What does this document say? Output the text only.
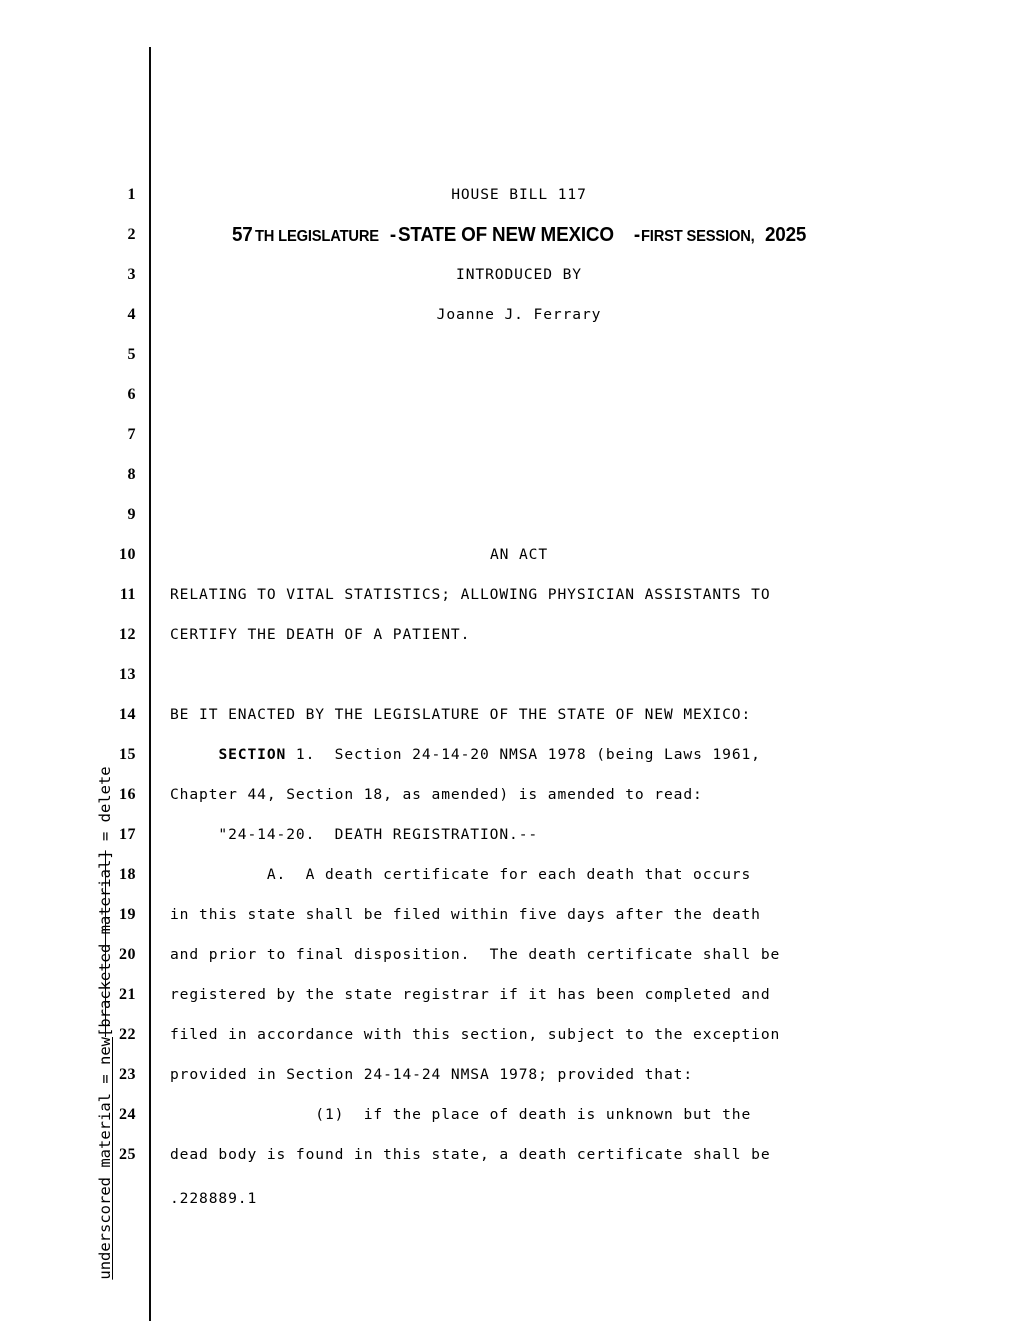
underscored material = new
[bracketed material] = delete
1
2
3
4
5
6
7
8
9
10
11
12
13
14
15
16
17
18
19
20
21
22
23
24
25
HOUSE BILL 117
57 TH LEGISLATURE -STATE OF NEW MEXICO - FIRST SESSION, 2025
INTRODUCED BY
Joanne J. Ferrary
AN ACT
RELATING TO VITAL STATISTICS; ALLOWING PHYSICIAN ASSISTANTS TO
CERTIFY THE DEATH OF A PATIENT.
BE IT ENACTED BY THE LEGISLATURE OF THE STATE OF NEW MEXICO:
SECTION 1.  Section 24-14-20 NMSA 1978 (being Laws 1961,
Chapter 44, Section 18, as amended) is amended to read:
"24-14-20.  DEATH REGISTRATION.--
A.  A death certificate for each death that occurs
in this state shall be filed within five days after the death
and prior to final disposition.  The death certificate shall be
registered by the state registrar if it has been completed and
filed in accordance with this section, subject to the exception
provided in Section 24-14-24 NMSA 1978; provided that:
(1)  if the place of death is unknown but the
dead body is found in this state, a death certificate shall be
.228889.1
